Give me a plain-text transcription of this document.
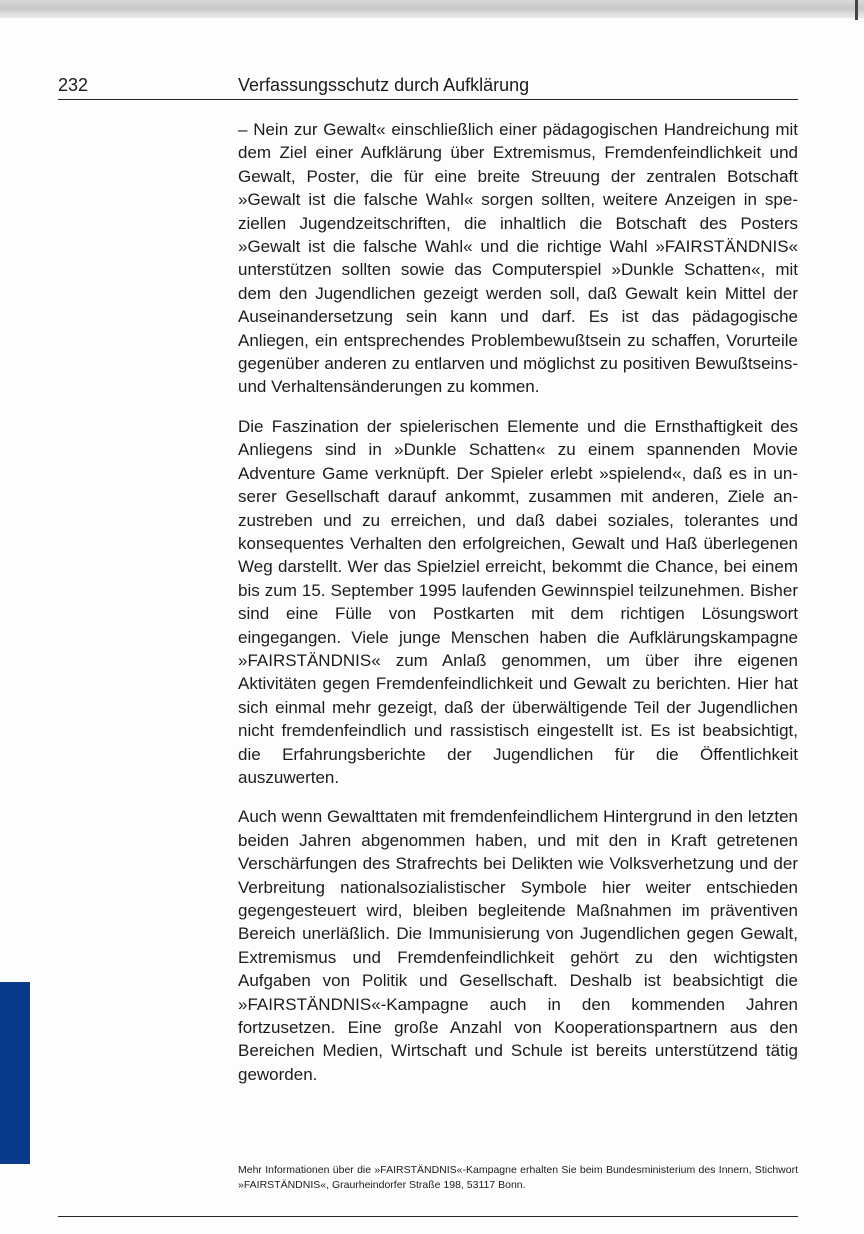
232	Verfassungsschutz durch Aufklärung

– Nein zur Gewalt« einschließlich einer pädagogischen Handreichung mit dem Ziel einer Aufklärung über Extremismus, Fremdenfeindlichkeit und Gewalt, Poster, die für eine breite Streuung der zentralen Botschaft »Gewalt ist die falsche Wahl« sorgen sollten, weitere Anzeigen in speziellen Jugendzeitschriften, die inhaltlich die Botschaft des Posters »Gewalt ist die falsche Wahl« und die richtige Wahl »FAIRSTÄNDNIS« unterstützen sollten sowie das Computerspiel »Dunkle Schatten«, mit dem den Jugendlichen gezeigt werden soll, daß Gewalt kein Mittel der Auseinandersetzung sein kann und darf. Es ist das pädagogische Anliegen, ein entsprechendes Problembewußtsein zu schaffen, Vorurteile gegenüber anderen zu entlarven und möglichst zu positiven Bewußtseins- und Verhaltensänderungen zu kommen.

Die Faszination der spielerischen Elemente und die Ernsthaftigkeit des Anliegens sind in »Dunkle Schatten« zu einem spannenden Movie Adventure Game verknüpft. Der Spieler erlebt »spielend«, daß es in unserer Gesellschaft darauf ankommt, zusammen mit anderen, Ziele anzustreben und zu erreichen, und daß dabei soziales, tolerantes und konsequentes Verhalten den erfolgreichen, Gewalt und Haß überlegenen Weg darstellt. Wer das Spielziel erreicht, bekommt die Chance, bei einem bis zum 15. September 1995 laufenden Gewinnspiel teilzunehmen. Bisher sind eine Fülle von Postkarten mit dem richtigen Lösungswort eingegangen. Viele junge Menschen haben die Aufklärungskampagne »FAIRSTÄNDNIS« zum Anlaß genommen, um über ihre eigenen Aktivitäten gegen Fremdenfeindlichkeit und Gewalt zu berichten. Hier hat sich einmal mehr gezeigt, daß der überwältigende Teil der Jugendlichen nicht fremdenfeindlich und rassistisch eingestellt ist. Es ist beabsichtigt, die Erfahrungsberichte der Jugendlichen für die Öffentlichkeit auszuwerten.

Auch wenn Gewalttaten mit fremdenfeindlichem Hintergrund in den letzten beiden Jahren abgenommen haben, und mit den in Kraft getretenen Verschärfungen des Strafrechts bei Delikten wie Volksverhetzung und der Verbreitung nationalsozialistischer Symbole hier weiter entschieden gegengesteuert wird, bleiben begleitende Maßnahmen im präventiven Bereich unerläßlich. Die Immunisierung von Jugendlichen gegen Gewalt, Extremismus und Fremdenfeindlichkeit gehört zu den wichtigsten Aufgaben von Politik und Gesellschaft. Deshalb ist beabsichtigt die »FAIRSTÄNDNIS«-Kampagne auch in den kommenden Jahren fortzusetzen. Eine große Anzahl von Kooperationspartnern aus den Bereichen Medien, Wirtschaft und Schule ist bereits unterstützend tätig geworden.

Mehr Informationen über die »FAIRSTÄNDNIS«-Kampagne erhalten Sie beim Bundesministerium des Innern, Stichwort »FAIRSTÄNDNIS«, Graurheindorfer Straße 198, 53117 Bonn.
